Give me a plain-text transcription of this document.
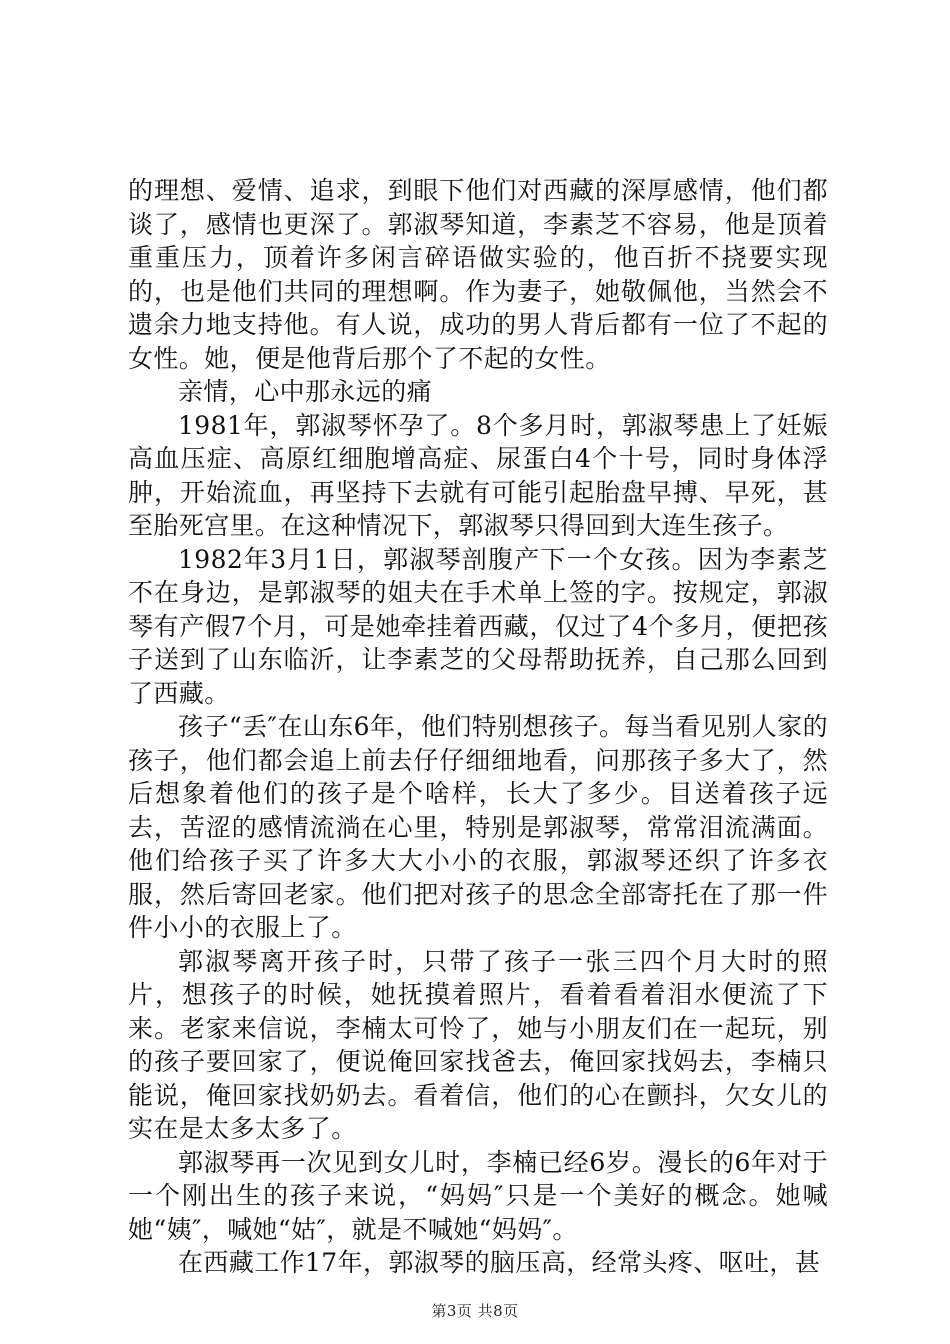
的理想、爱情、追求，到眼下他们对西藏的深厚感情，他们都谈了，感情也更深了。郭淑琴知道，李素芝不容易，他是顶着重重压力，顶着许多闲言碎语做实验的，他百折不挠要实现的，也是他们共同的理想啊。作为妻子，她敬佩他，当然会不遗余力地支持他。有人说，成功的男人背后都有一位了不起的女性。她，便是他背后那个了不起的女性。

亲情，心中那永远的痛

1981年，郭淑琴怀孕了。8个多月时，郭淑琴患上了妊娠高血压症、高原红细胞增高症、尿蛋白4个十号，同时身体浮肿，开始流血，再坚持下去就有可能引起胎盘早搏、早死，甚至胎死宫里。在这种情况下，郭淑琴只得回到大连生孩子。

1982年3月1日，郭淑琴剖腹产下一个女孩。因为李素芝不在身边，是郭淑琴的姐夫在手术单上签的字。按规定，郭淑琴有产假7个月，可是她牵挂着西藏，仅过了4个多月，便把孩子送到了山东临沂，让李素芝的父母帮助抚养，自己那么回到了西藏。

孩子“丢″在山东6年，他们特别想孩子。每当看见别人家的孩子，他们都会追上前去仔仔细细地看，问那孩子多大了，然后想象着他们的孩子是个啥样，长大了多少。目送着孩子远去，苦涩的感情流淌在心里，特别是郭淑琴，常常泪流满面。他们给孩子买了许多大大小小的衣服，郭淑琴还织了许多衣服，然后寄回老家。他们把对孩子的思念全部寄托在了那一件件小小的衣服上了。

郭淑琴离开孩子时，只带了孩子一张三四个月大时的照片，想孩子的时候，她抚摸着照片，看着看着泪水便流了下来。老家来信说，李楠太可怜了，她与小朋友们在一起玩，别的孩子要回家了，便说俺回家找爸去，俺回家找妈去，李楠只能说，俺回家找奶奶去。看着信，他们的心在颤抖，欠女儿的实在是太多太多了。

郭淑琴再一次见到女儿时，李楠已经6岁。漫长的6年对于一个刚出生的孩子来说，“妈妈″只是一个美好的概念。她喊她“姨″，喊她“姑″，就是不喊她“妈妈″。

在西藏工作17年，郭淑琴的脑压高，经常头疼、呕吐，甚

第3页 共8页
